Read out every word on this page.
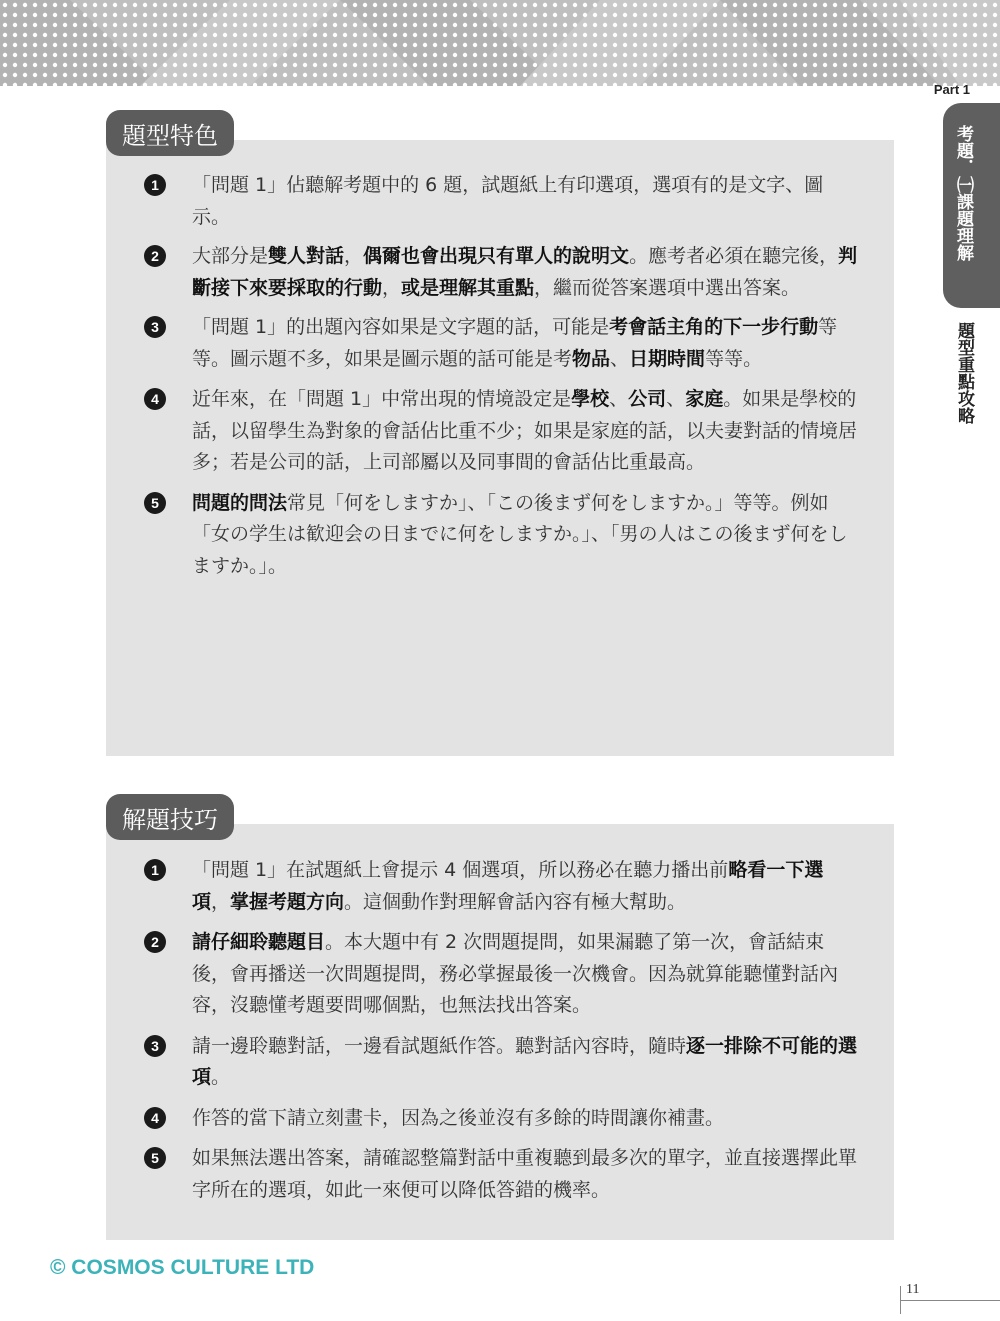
Part 1
考題．㈠課題理解
題型重點攻略
題型特色
1	「問題 1」佔聽解考題中的 6 題，試題紙上有印選項，選項有的是文字、圖示。
2	大部分是雙人對話，偶爾也會出現只有單人的說明文。應考者必須在聽完後，判斷接下來要採取的行動，或是理解其重點，繼而從答案選項中選出答案。
3	「問題 1」的出題內容如果是文字題的話，可能是考會話主角的下一步行動等等。圖示題不多，如果是圖示題的話可能是考物品、日期時間等等。
4	近年來，在「問題 1」中常出現的情境設定是學校、公司、家庭。如果是學校的話，以留學生為對象的會話佔比重不少；如果是家庭的話，以夫妻對話的情境居多；若是公司的話，上司部屬以及同事間的會話佔比重最高。
5	問題的問法常見「何をしますか」、「この後まず何をしますか。」等等。例如「女の学生は歓迎会の日までに何をしますか。」、「男の人はこの後まず何をしますか。」。
解題技巧
1	「問題 1」在試題紙上會提示 4 個選項，所以務必在聽力播出前略看一下選項，掌握考題方向。這個動作對理解會話內容有極大幫助。
2	請仔細聆聽題目。本大題中有 2 次問題提問，如果漏聽了第一次，會話結束後，會再播送一次問題提問，務必掌握最後一次機會。因為就算能聽懂對話內容，沒聽懂考題要問哪個點，也無法找出答案。
3	請一邊聆聽對話，一邊看試題紙作答。聽對話內容時，隨時逐一排除不可能的選項。
4	作答的當下請立刻畫卡，因為之後並沒有多餘的時間讓你補畫。
5	如果無法選出答案，請確認整篇對話中重複聽到最多次的單字，並直接選擇此單字所在的選項，如此一來便可以降低答錯的機率。
© COSMOS CULTURE LTD
11
